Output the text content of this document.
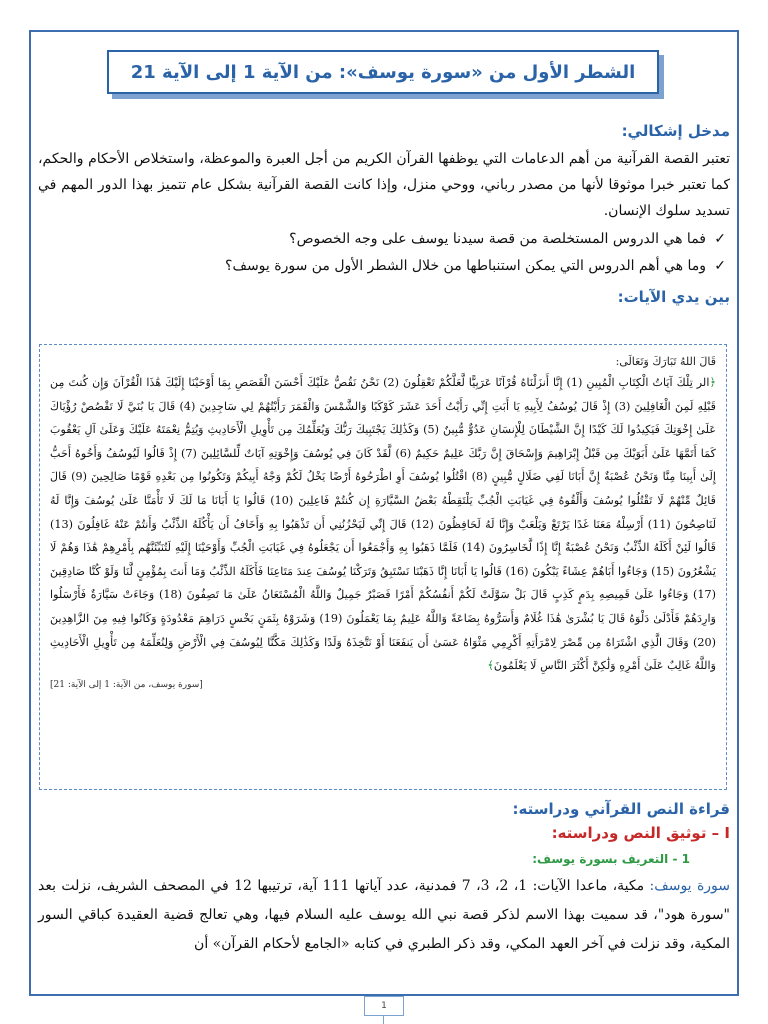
الشطر الأول من «سورة يوسف»: من الآية 1 إلى الآية 21

مدخل إشكالي:

تعتبر القصة القرآنية من أهم الدعامات التي يوظفها القرآن الكريم من أجل العبرة والموعظة، واستخلاص الأحكام والحكم، كما تعتبر خبرا موثوقا لأنها من مصدر رباني، ووحي منزل، وإذا كانت القصة القرآنية بشكل عام تتميز بهذا الدور المهم في تسديد سلوك الإنسان.

✓
فما هي الدروس المستخلصة من قصة سيدنا يوسف على وجه الخصوص؟
✓
وما هي أهم الدروس التي يمكن استنباطها من خلال الشطر الأول من سورة يوسف؟

بين يدي الآيات:

قَالَ اللهُ تَبَارَكَ وَتَعَالَى:
﴿الر تِلْكَ آيَاتُ الْكِتَابِ الْمُبِينِ (1) إِنَّا أَنزَلْنَاهُ قُرْآنًا عَرَبِيًّا لَّعَلَّكُمْ تَعْقِلُونَ (2) نَحْنُ نَقُصُّ عَلَيْكَ أَحْسَنَ الْقَصَصِ بِمَا أَوْحَيْنَا إِلَيْكَ هَٰذَا الْقُرْآنَ وَإِن كُنتَ مِن قَبْلِهِ لَمِنَ الْغَافِلِينَ (3) إِذْ قَالَ يُوسُفُ لِأَبِيهِ يَا أَبَتِ إِنِّي رَأَيْتُ أَحَدَ عَشَرَ كَوْكَبًا وَالشَّمْسَ وَالْقَمَرَ رَأَيْتُهُمْ لِي سَاجِدِينَ (4) قَالَ يَا بُنَيَّ لَا تَقْصُصْ رُؤْيَاكَ عَلَىٰ إِخْوَتِكَ فَيَكِيدُوا لَكَ كَيْدًا إِنَّ الشَّيْطَانَ لِلْإِنسَانِ عَدُوٌّ مُّبِينٌ (5) وَكَذَٰلِكَ يَجْتَبِيكَ رَبُّكَ وَيُعَلِّمُكَ مِن تَأْوِيلِ الْأَحَادِيثِ وَيُتِمُّ نِعْمَتَهُ عَلَيْكَ وَعَلَىٰ آلِ يَعْقُوبَ كَمَا أَتَمَّهَا عَلَىٰ أَبَوَيْكَ مِن قَبْلُ إِبْرَاهِيمَ وَإِسْحَاقَ إِنَّ رَبَّكَ عَلِيمٌ حَكِيمٌ (6) لَّقَدْ كَانَ فِي يُوسُفَ وَإِخْوَتِهِ آيَاتٌ لِّلسَّائِلِينَ (7) إِذْ قَالُوا لَيُوسُفُ وَأَخُوهُ أَحَبُّ إِلَىٰ أَبِينَا مِنَّا وَنَحْنُ عُصْبَةٌ إِنَّ أَبَانَا لَفِي ضَلَالٍ مُّبِينٍ (8) اقْتُلُوا يُوسُفَ أَوِ اطْرَحُوهُ أَرْضًا يَخْلُ لَكُمْ وَجْهُ أَبِيكُمْ وَتَكُونُوا مِن بَعْدِهِ قَوْمًا صَالِحِينَ (9) قَالَ قَائِلٌ مِّنْهُمْ لَا تَقْتُلُوا يُوسُفَ وَأَلْقُوهُ فِي غَيَابَتِ الْجُبِّ يَلْتَقِطْهُ بَعْضُ السَّيَّارَةِ إِن كُنتُمْ فَاعِلِينَ (10) قَالُوا يَا أَبَانَا مَا لَكَ لَا تَأْمَنَّا عَلَىٰ يُوسُفَ وَإِنَّا لَهُ لَنَاصِحُونَ (11) أَرْسِلْهُ مَعَنَا غَدًا يَرْتَعْ وَيَلْعَبْ وَإِنَّا لَهُ لَحَافِظُونَ (12) قَالَ إِنِّي لَيَحْزُنُنِي أَن تَذْهَبُوا بِهِ وَأَخَافُ أَن يَأْكُلَهُ الذِّئْبُ وَأَنتُمْ عَنْهُ غَافِلُونَ (13) قَالُوا لَئِنْ أَكَلَهُ الذِّئْبُ وَنَحْنُ عُصْبَةٌ إِنَّا إِذًا لَّخَاسِرُونَ (14) فَلَمَّا ذَهَبُوا بِهِ وَأَجْمَعُوا أَن يَجْعَلُوهُ فِي غَيَابَتِ الْجُبِّ وَأَوْحَيْنَا إِلَيْهِ لَتُنَبِّئَنَّهُم بِأَمْرِهِمْ هَٰذَا وَهُمْ لَا يَشْعُرُونَ (15) وَجَاءُوا أَبَاهُمْ عِشَاءً يَبْكُونَ (16) قَالُوا يَا أَبَانَا إِنَّا ذَهَبْنَا نَسْتَبِقُ وَتَرَكْنَا يُوسُفَ عِندَ مَتَاعِنَا فَأَكَلَهُ الذِّئْبُ وَمَا أَنتَ بِمُؤْمِنٍ لَّنَا وَلَوْ كُنَّا صَادِقِينَ (17) وَجَاءُوا عَلَىٰ قَمِيصِهِ بِدَمٍ كَذِبٍ قَالَ بَلْ سَوَّلَتْ لَكُمْ أَنفُسُكُمْ أَمْرًا فَصَبْرٌ جَمِيلٌ وَاللَّهُ الْمُسْتَعَانُ عَلَىٰ مَا تَصِفُونَ (18) وَجَاءَتْ سَيَّارَةٌ فَأَرْسَلُوا وَارِدَهُمْ فَأَدْلَىٰ دَلْوَهُ قَالَ يَا بُشْرَىٰ هَٰذَا غُلَامٌ وَأَسَرُّوهُ بِضَاعَةً وَاللَّهُ عَلِيمٌ بِمَا يَعْمَلُونَ (19) وَشَرَوْهُ بِثَمَنٍ بَخْسٍ دَرَاهِمَ مَعْدُودَةٍ وَكَانُوا فِيهِ مِنَ الزَّاهِدِينَ (20) وَقَالَ الَّذِي اشْتَرَاهُ مِن مِّصْرَ لِامْرَأَتِهِ أَكْرِمِي مَثْوَاهُ عَسَىٰ أَن يَنفَعَنَا أَوْ نَتَّخِذَهُ وَلَدًا وَكَذَٰلِكَ مَكَّنَّا لِيُوسُفَ فِي الْأَرْضِ وَلِنُعَلِّمَهُ مِن تَأْوِيلِ الْأَحَادِيثِ وَاللَّهُ غَالِبٌ عَلَىٰ أَمْرِهِ وَلَٰكِنَّ أَكْثَرَ النَّاسِ لَا يَعْلَمُونَ﴾
[سورة يوسف، من الآية: 1 إلى الآية: 21]

قراءة النص القرآني ودراسته:

I – توثيق النص ودراسته:

1 - التعريف بسورة يوسف:

سورة يوسف: مكية، ماعدا الآيات: 1، 2، 3، 7 فمدنية، عدد آياتها 111 آية، ترتيبها 12 في المصحف الشريف، نزلت بعد "سورة هود"، قد سميت بهذا الاسم لذكر قصة نبي الله يوسف عليه السلام فيها، وهي تعالج قضية العقيدة كباقي السور المكية، وقد نزلت في آخر العهد المكي، وقد ذكر الطبري في كتابه «الجامع لأحكام القرآن» أن

1
